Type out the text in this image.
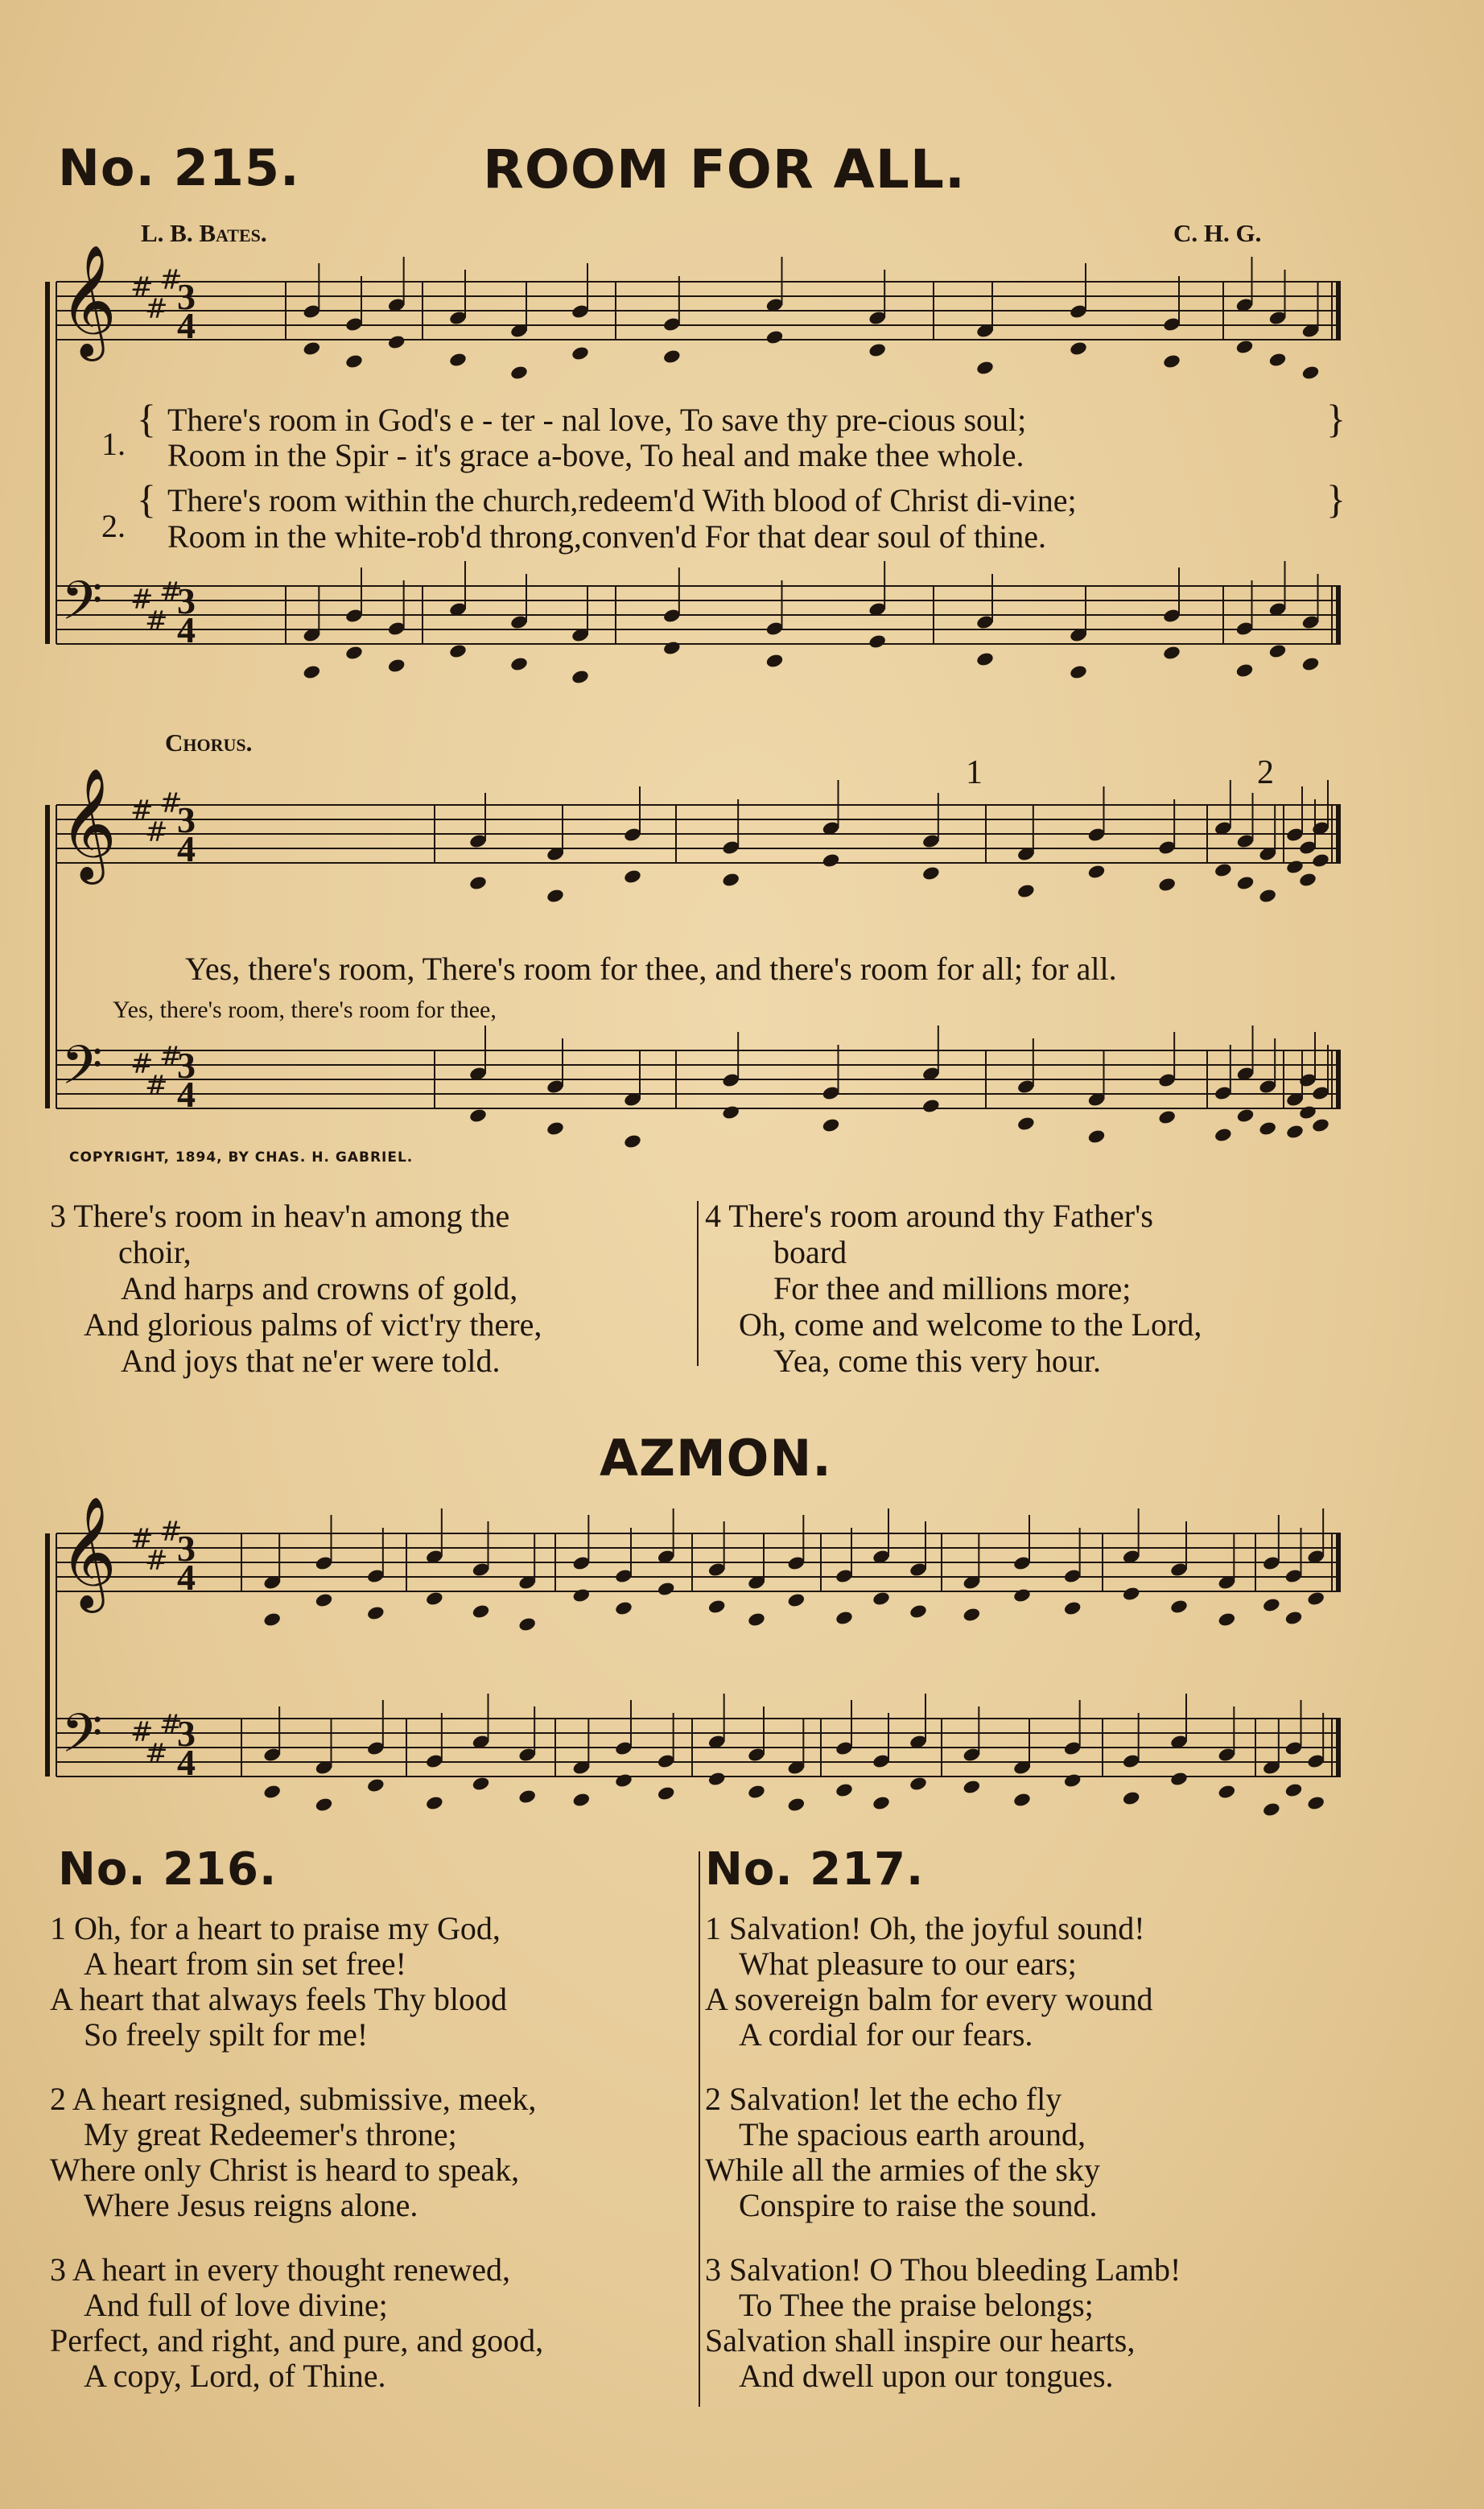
No. 215.	ROOM FOR ALL.
L. B. Bates.	C. H. G.
𝄞
𝄢
#
#
#
#
#
#
3
4
3
4
𝄞
𝄢
#
#
#
#
#
#
3
4
3
4
𝄞
𝄢
#
#
#
#
#
#
3
4
3
4
1.
{ There's room in God's e - ter - nal love, To save thy pre-cious soul;
Room in the Spir - it's grace a-bove, To heal and make thee whole.
}
2.
{ There's room within the church,redeem'd With blood of Christ di-vine;
Room in the white-rob'd throng,conven'd For that dear soul of thine.
}
Chorus.
Yes, there's room, There's room for thee, and there's room for all; for all.
Yes, there's room, there's room for thee,
1	2
COPYRIGHT, 1894, BY CHAS. H. GABRIEL.
3 There's room in heav'n among the
choir,
And harps and crowns of gold,
And glorious palms of vict'ry there,
And joys that ne'er were told.
4 There's room around thy Father's
board
For thee and millions more;
Oh, come and welcome to the Lord,
Yea, come this very hour.
AZMON.
No. 216.
1 Oh, for a heart to praise my God,
A heart from sin set free!
A heart that always feels Thy blood
So freely spilt for me!
2 A heart resigned, submissive, meek,
My great Redeemer's throne;
Where only Christ is heard to speak,
Where Jesus reigns alone.
3 A heart in every thought renewed,
And full of love divine;
Perfect, and right, and pure, and good,
A copy, Lord, of Thine.
No. 217.
1 Salvation! Oh, the joyful sound!
What pleasure to our ears;
A sovereign balm for every wound
A cordial for our fears.
2 Salvation! let the echo fly
The spacious earth around,
While all the armies of the sky
Conspire to raise the sound.
3 Salvation! O Thou bleeding Lamb!
To Thee the praise belongs;
Salvation shall inspire our hearts,
And dwell upon our tongues.
